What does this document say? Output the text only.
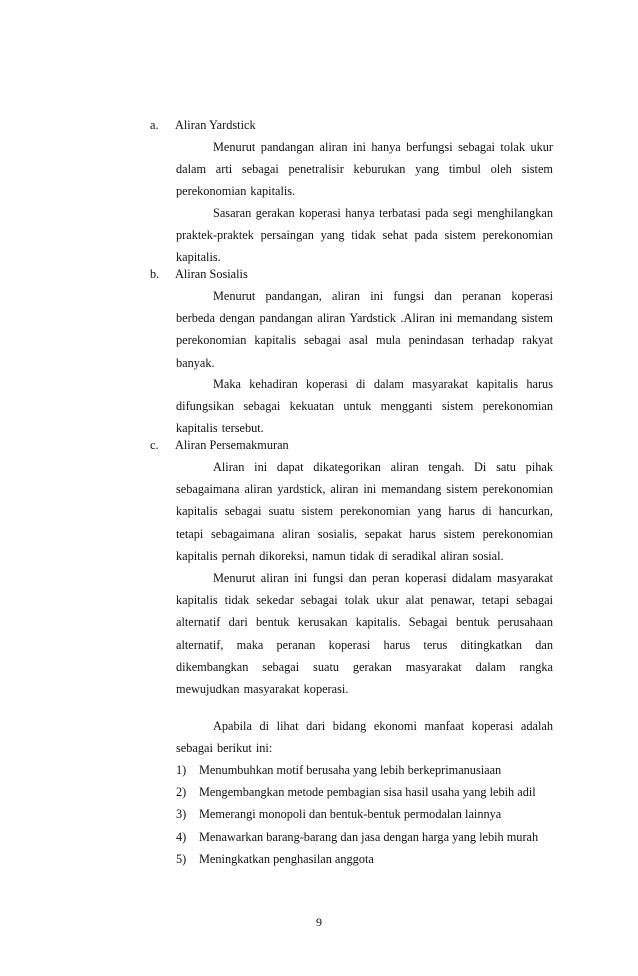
a. Aliran Yardstick
Menurut pandangan aliran ini hanya berfungsi sebagai tolak ukur dalam arti sebagai penetralisir keburukan yang timbul oleh sistem perekonomian kapitalis.
Sasaran gerakan koperasi hanya terbatasi pada segi menghilangkan praktek-praktek persaingan yang tidak sehat pada sistem perekonomian kapitalis.
b. Aliran Sosialis
Menurut pandangan, aliran ini fungsi dan peranan koperasi berbeda dengan pandangan aliran Yardstick .Aliran ini memandang sistem perekonomian kapitalis sebagai asal mula penindasan terhadap rakyat banyak.
Maka kehadiran koperasi di dalam masyarakat kapitalis harus difungsikan sebagai kekuatan untuk mengganti sistem perekonomian kapitalis tersebut.
c. Aliran Persemakmuran
Aliran ini dapat dikategorikan aliran tengah. Di satu pihak sebagaimana aliran yardstick, aliran ini memandang sistem perekonomian kapitalis sebagai suatu sistem perekonomian yang harus di hancurkan, tetapi sebagaimana aliran sosialis, sepakat harus sistem perekonomian kapitalis pernah dikoreksi, namun tidak di seradikal aliran sosial.
Menurut aliran ini fungsi dan peran koperasi didalam masyarakat kapitalis tidak sekedar sebagai tolak ukur alat penawar, tetapi sebagai alternatif dari bentuk kerusakan kapitalis. Sebagai bentuk perusahaan alternatif, maka peranan koperasi harus terus ditingkatkan dan dikembangkan sebagai suatu gerakan masyarakat dalam rangka mewujudkan masyarakat koperasi.
Apabila di lihat dari bidang ekonomi manfaat koperasi adalah sebagai berikut ini:
1) Menumbuhkan motif berusaha yang lebih berkeprimanusiaan
2) Mengembangkan metode pembagian sisa hasil usaha yang lebih adil
3) Memerangi monopoli dan bentuk-bentuk permodalan lainnya
4) Menawarkan barang-barang dan jasa dengan harga yang lebih murah
5) Meningkatkan penghasilan anggota
9
